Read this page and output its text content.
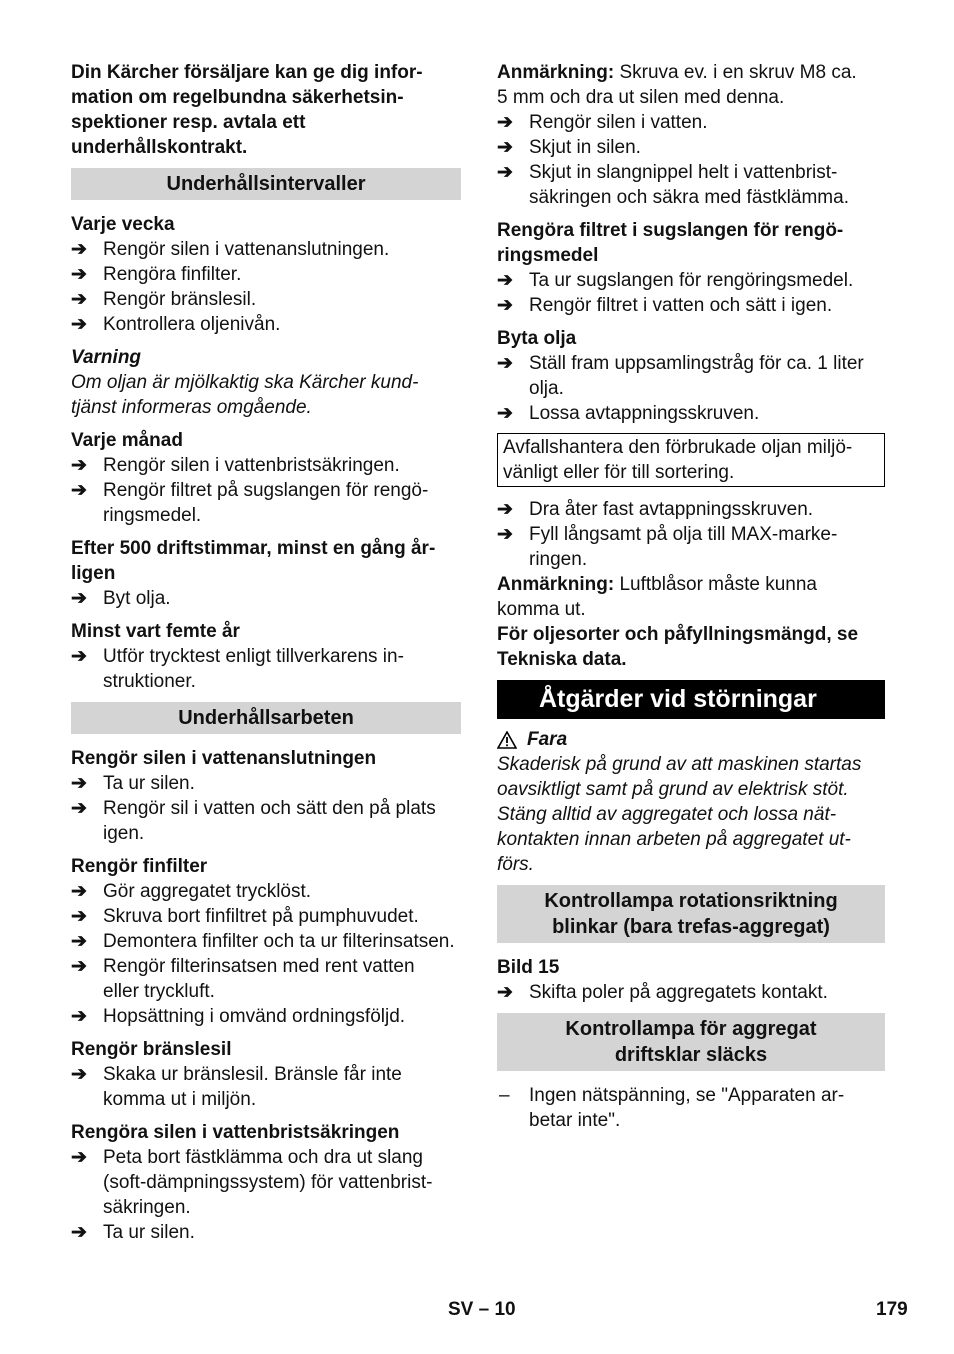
Din Kärcher försäljare kan ge dig infor-
mation om regelbundna säkerhetsin-
spektioner resp. avtala ett
underhållskontrakt.
Underhållsintervaller
Varje vecka
➔ Rengör silen i vattenanslutningen.
➔ Rengöra finfilter.
➔ Rengör bränslesil.
➔ Kontrollera oljenivån.
Varning
Om oljan är mjölkaktig ska Kärcher kund-
tjänst informeras omgående.
Varje månad
➔ Rengör silen i vattenbristsäkringen.
➔ Rengör filtret på sugslangen för rengö-
ringsmedel.
Efter 500 driftstimmar, minst en gång år-
ligen
➔ Byt olja.
Minst vart femte år
➔ Utför trycktest enligt tillverkarens in-
struktioner.
Underhållsarbeten
Rengör silen i vattenanslutningen
➔ Ta ur silen.
➔ Rengör sil i vatten och sätt den på plats
igen.
Rengör finfilter
➔ Gör aggregatet trycklöst.
➔ Skruva bort finfiltret på pumphuvudet.
➔ Demontera finfilter och ta ur filterinsatsen.
➔ Rengör filterinsatsen med rent vatten
eller tryckluft.
➔ Hopsättning i omvänd ordningsföljd.
Rengör bränslesil
➔ Skaka ur bränslesil. Bränsle får inte
komma ut i miljön.
Rengöra silen i vattenbristsäkringen
➔ Peta bort fästklämma och dra ut slang
(soft-dämpningssystem) för vattenbrist-
säkringen.
➔ Ta ur silen.
Anmärkning: Skruva ev. i en skruv M8 ca.
5 mm och dra ut silen med denna.
➔ Rengör silen i vatten.
➔ Skjut in silen.
➔ Skjut in slangnippel helt i vattenbrist-
säkringen och säkra med fästklämma.
Rengöra filtret i sugslangen för rengö-
ringsmedel
➔ Ta ur sugslangen för rengöringsmedel.
➔ Rengör filtret i vatten och sätt i igen.
Byta olja
➔ Ställ fram uppsamlingstråg för ca. 1 liter
olja.
➔ Lossa avtappningsskruven.
Avfallshantera den förbrukade oljan miljö-
vänligt eller för till sortering.
➔ Dra åter fast avtappningsskruven.
➔ Fyll långsamt på olja till MAX-marke-
ringen.
Anmärkning: Luftblåsor måste kunna
komma ut.
För oljesorter och påfyllningsmängd, se
Tekniska data.
Åtgärder vid störningar
Fara
Skaderisk på grund av att maskinen startas
oavsiktligt samt på grund av elektrisk stöt.
Stäng alltid av aggregatet och lossa nät-
kontakten innan arbeten på aggregatet ut-
förs.
Kontrollampa rotationsriktning
blinkar (bara trefas-aggregat)
Bild 15
➔ Skifta poler på aggregatets kontakt.
Kontrollampa för aggregat
driftsklar släcks
– Ingen nätspänning, se "Apparaten ar-
betar inte".
SV – 10	179
